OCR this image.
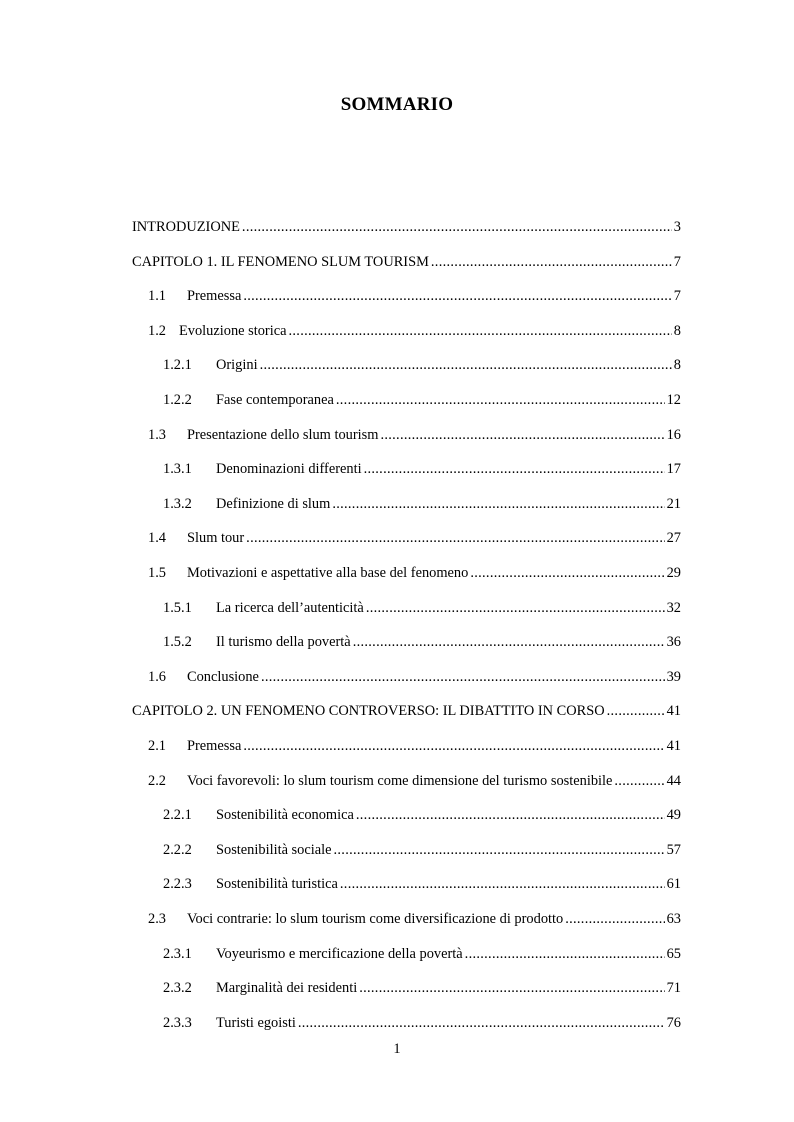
SOMMARIO
INTRODUZIONE .....	3
CAPITOLO 1. IL FENOMENO SLUM TOURISM .....	7
1.1	Premessa .....	7
1.2 Evoluzione storica .....	8
1.2.1	Origini .....	8
1.2.2	Fase contemporanea .....	12
1.3	Presentazione dello slum tourism .....	16
1.3.1	Denominazioni differenti .....	17
1.3.2	Definizione di slum .....	21
1.4	Slum tour .....	27
1.5	Motivazioni e aspettative alla base del fenomeno .....	29
1.5.1	La ricerca dell’autenticità .....	32
1.5.2	Il turismo della povertà .....	36
1.6	Conclusione .....	39
CAPITOLO 2. UN FENOMENO CONTROVERSO: IL DIBATTITO IN CORSO .....	41
2.1	Premessa .....	41
2.2	Voci favorevoli: lo slum tourism come dimensione del turismo sostenibile .....	44
2.2.1	Sostenibilità economica .....	49
2.2.2	Sostenibilità sociale .....	57
2.2.3	Sostenibilità turistica .....	61
2.3	Voci contrarie: lo slum tourism come diversificazione di prodotto .....	63
2.3.1	Voyeurismo e mercificazione della povertà .....	65
2.3.2	Marginalità dei residenti .....	71
2.3.3	Turisti egoisti .....	76
1
